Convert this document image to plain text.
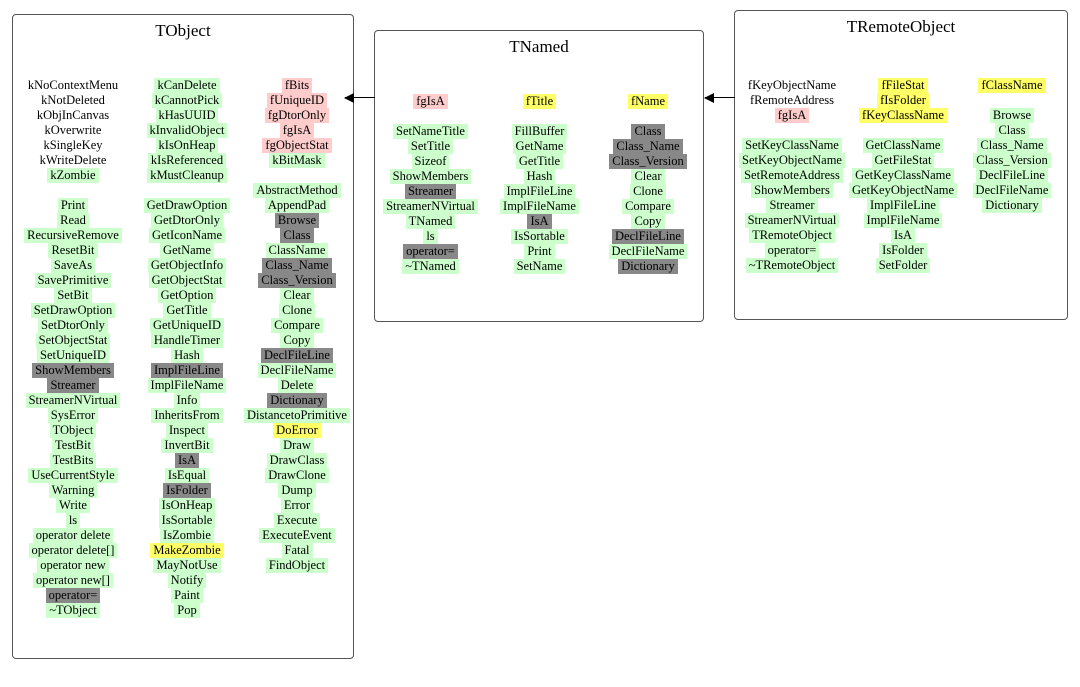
TObject
kNoContextMenu
kNotDeleted
kObjInCanvas
kOverwrite
kSingleKey
kWriteDelete
kZombie
Print
Read
RecursiveRemove
ResetBit
SaveAs
SavePrimitive
SetBit
SetDrawOption
SetDtorOnly
SetObjectStat
SetUniqueID
ShowMembers
Streamer
StreamerNVirtual
SysError
TObject
TestBit
TestBits
UseCurrentStyle
Warning
Write
ls
operator delete
operator delete[]
operator new
operator new[]
operator=
~TObject
kCanDelete
kCannotPick
kHasUUID
kInvalidObject
kIsOnHeap
kIsReferenced
kMustCleanup
GetDrawOption
GetDtorOnly
GetIconName
GetName
GetObjectInfo
GetObjectStat
GetOption
GetTitle
GetUniqueID
HandleTimer
Hash
ImplFileLine
ImplFileName
Info
InheritsFrom
Inspect
InvertBit
IsA
IsEqual
IsFolder
IsOnHeap
IsSortable
IsZombie
MakeZombie
MayNotUse
Notify
Paint
Pop
fBits
fUniqueID
fgDtorOnly
fgIsA
fgObjectStat
kBitMask
AbstractMethod
AppendPad
Browse
Class
ClassName
Class_Name
Class_Version
Clear
Clone
Compare
Copy
DeclFileLine
DeclFileName
Delete
Dictionary
DistancetoPrimitive
DoError
Draw
DrawClass
DrawClone
Dump
Error
Execute
ExecuteEvent
Fatal
FindObject
TNamed
fgIsA
SetNameTitle
SetTitle
Sizeof
ShowMembers
Streamer
StreamerNVirtual
TNamed
ls
operator=
~TNamed
fTitle
FillBuffer
GetName
GetTitle
Hash
ImplFileLine
ImplFileName
IsA
IsSortable
Print
SetName
fName
Class
Class_Name
Class_Version
Clear
Clone
Compare
Copy
DeclFileLine
DeclFileName
Dictionary
TRemoteObject
fKeyObjectName
fRemoteAddress
fgIsA
SetKeyClassName
SetKeyObjectName
SetRemoteAddress
ShowMembers
Streamer
StreamerNVirtual
TRemoteObject
operator=
~TRemoteObject
fFileStat
fIsFolder
fKeyClassName
GetClassName
GetFileStat
GetKeyClassName
GetKeyObjectName
ImplFileLine
ImplFileName
IsA
IsFolder
SetFolder
fClassName
Browse
Class
Class_Name
Class_Version
DeclFileLine
DeclFileName
Dictionary
